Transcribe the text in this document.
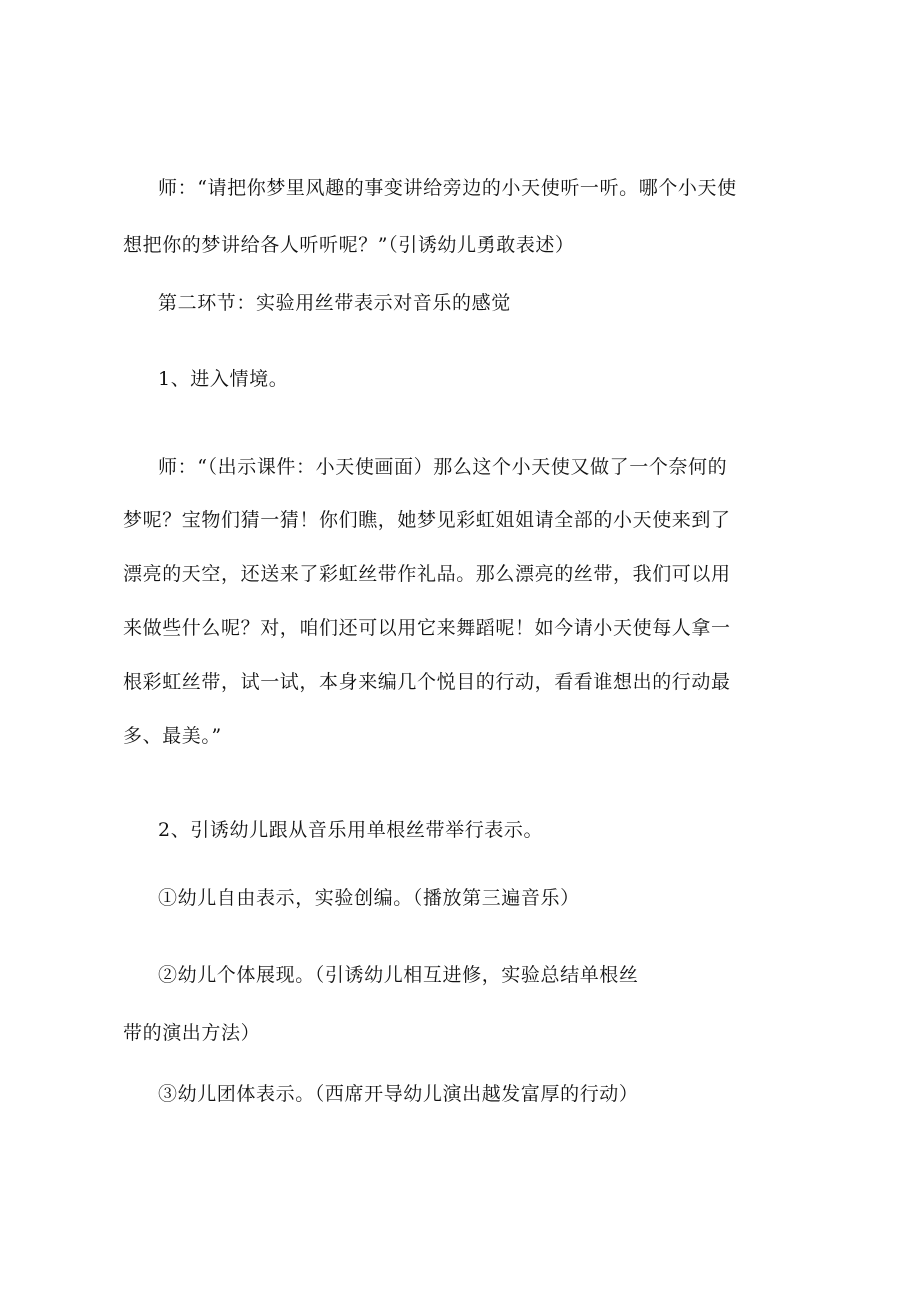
师：“请把你梦里风趣的事变讲给旁边的小天使听一听。哪个小天使
想把你的梦讲给各人听听呢？”（引诱幼儿勇敢表述）
第二环节：实验用丝带表示对音乐的感觉
1、进入情境。
师：“（出示课件：小天使画面）那么这个小天使又做了一个奈何的
梦呢？宝物们猜一猜！你们瞧，她梦见彩虹姐姐请全部的小天使来到了
漂亮的天空，还送来了彩虹丝带作礼品。那么漂亮的丝带，我们可以用
来做些什么呢？对，咱们还可以用它来舞蹈呢！如今请小天使每人拿一
根彩虹丝带，试一试，本身来编几个悦目的行动，看看谁想出的行动最
多、最美。”
2、引诱幼儿跟从音乐用单根丝带举行表示。
①幼儿自由表示，实验创编。（播放第三遍音乐）
②幼儿个体展现。（引诱幼儿相互进修，实验总结单根丝
带的演出方法）
③幼儿团体表示。（西席开导幼儿演出越发富厚的行动）
